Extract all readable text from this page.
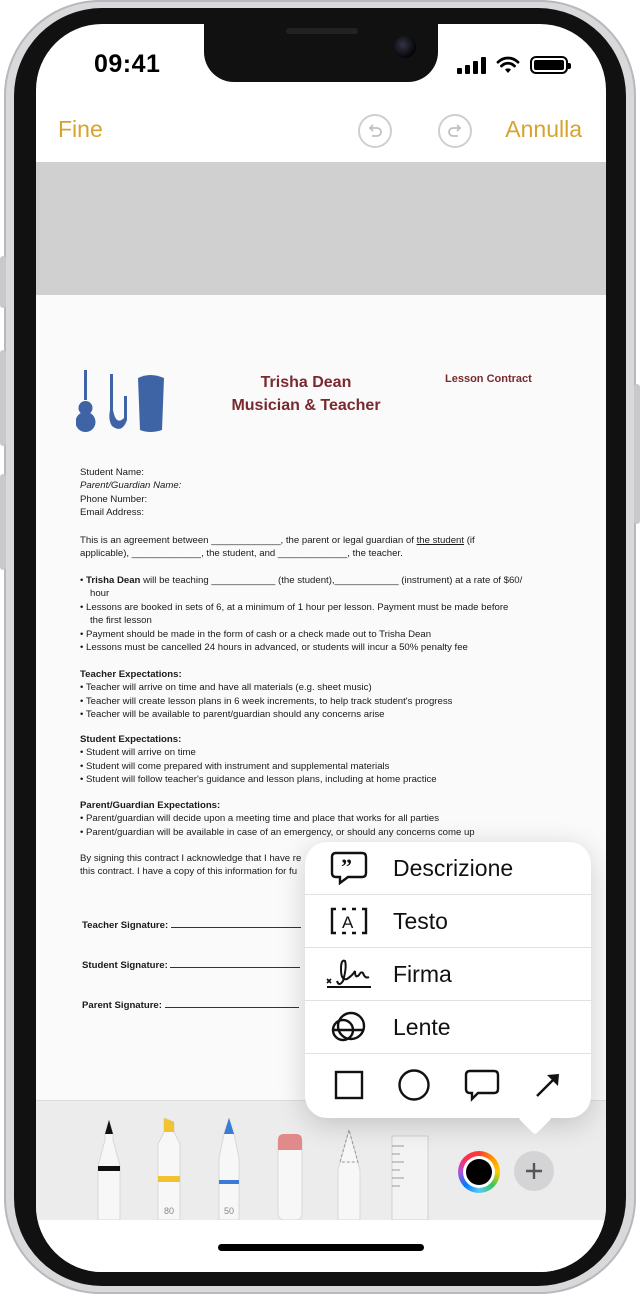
09:41
Fine	Annulla
Trisha Dean
Musician & Teacher
Lesson Contract
Student Name:
Parent/Guardian Name:
Phone Number:
Email Address:
This is an agreement between _____________, the parent or legal guardian of the student (if
applicable), _____________, the student, and _____________, the teacher.
• Trisha Dean will be teaching ____________ (the student),____________ (instrument) at a rate of $60/
hour
• Lessons are booked in sets of 6, at a minimum of 1 hour per lesson. Payment must be made before
the first lesson
• Payment should be made in the form of cash or a check made out to Trisha Dean
• Lessons must be cancelled 24 hours in advanced, or students will incur a 50% penalty fee
Teacher Expectations:
• Teacher will arrive on time and have all materials (e.g. sheet music)
• Teacher will create lesson plans in 6 week increments, to help track student's progress
• Teacher will be available to parent/guardian should any concerns arise
Student Expectations:
• Student will arrive on time
• Student will come prepared with instrument and supplemental materials
• Student will follow teacher's guidance and lesson plans, including at home practice
Parent/Guardian Expectations:
• Parent/guardian will decide upon a meeting time and place that works for all parties
• Parent/guardian will be available in case of an emergency, or should any concerns come up
By signing this contract I acknowledge that I have re
this contract. I have a copy of this information for fu
Teacher Signature:
Student Signature:
Parent Signature:
80	50
” Descrizione
A Testo
Firma
Lente
